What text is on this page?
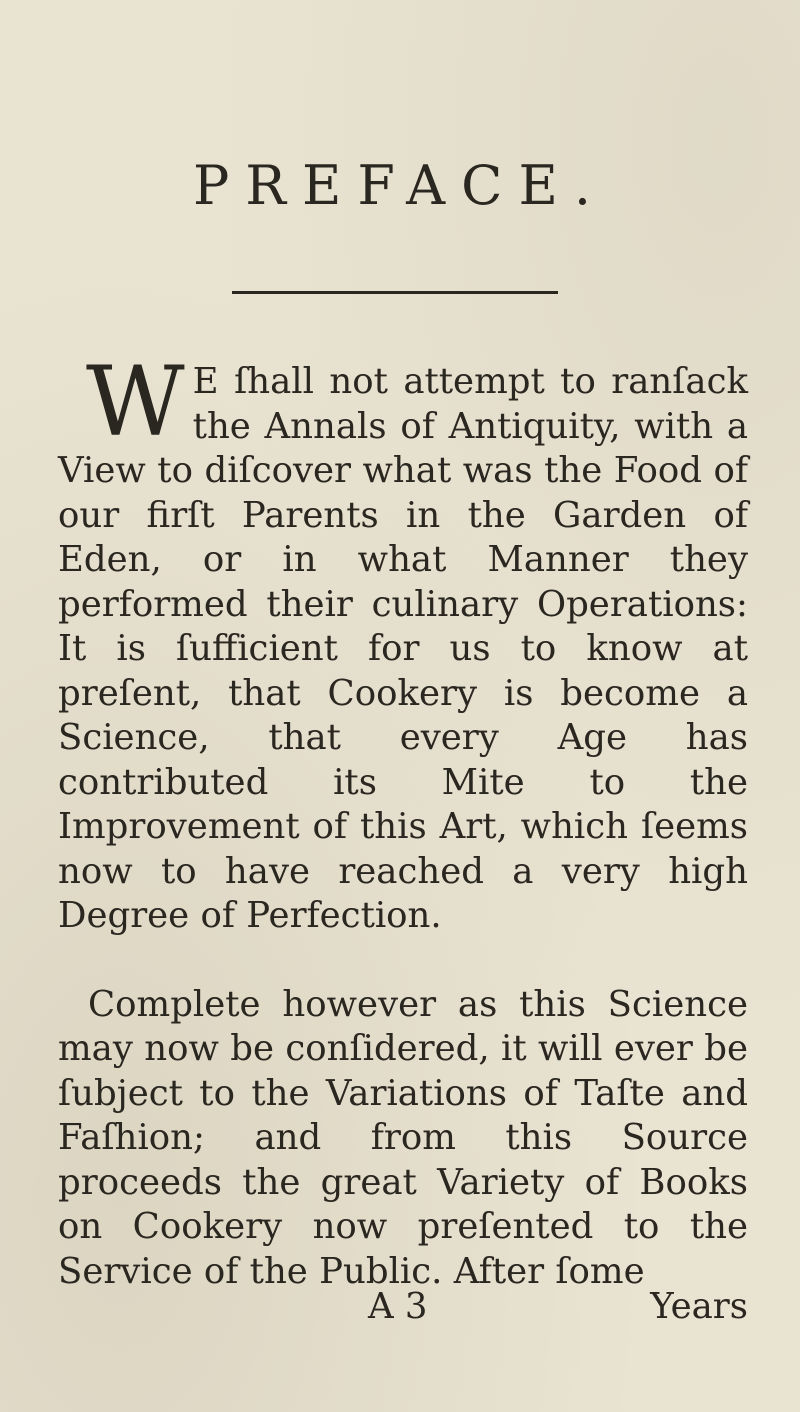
PREFACE.

W E ſhall not attempt to ranſack the Annals of Antiquity, with a View to diſcover what was the Food of our firſt Parents in the Garden of Eden, or in what Manner they performed their culinary Operations: It is ſufficient for us to know at preſent, that Cookery is become a Science, that every Age has contributed its Mite to the Improvement of this Art, which ſeems now to have reached a very high Degree of Perfection.

Complete however as this Science may now be conſidered, it will ever be ſubject to the Variations of Taſte and Faſhion; and from this Source proceeds the great Variety of Books on Cookery now preſented to the Service of the Public. After ſome

A 3	Years
